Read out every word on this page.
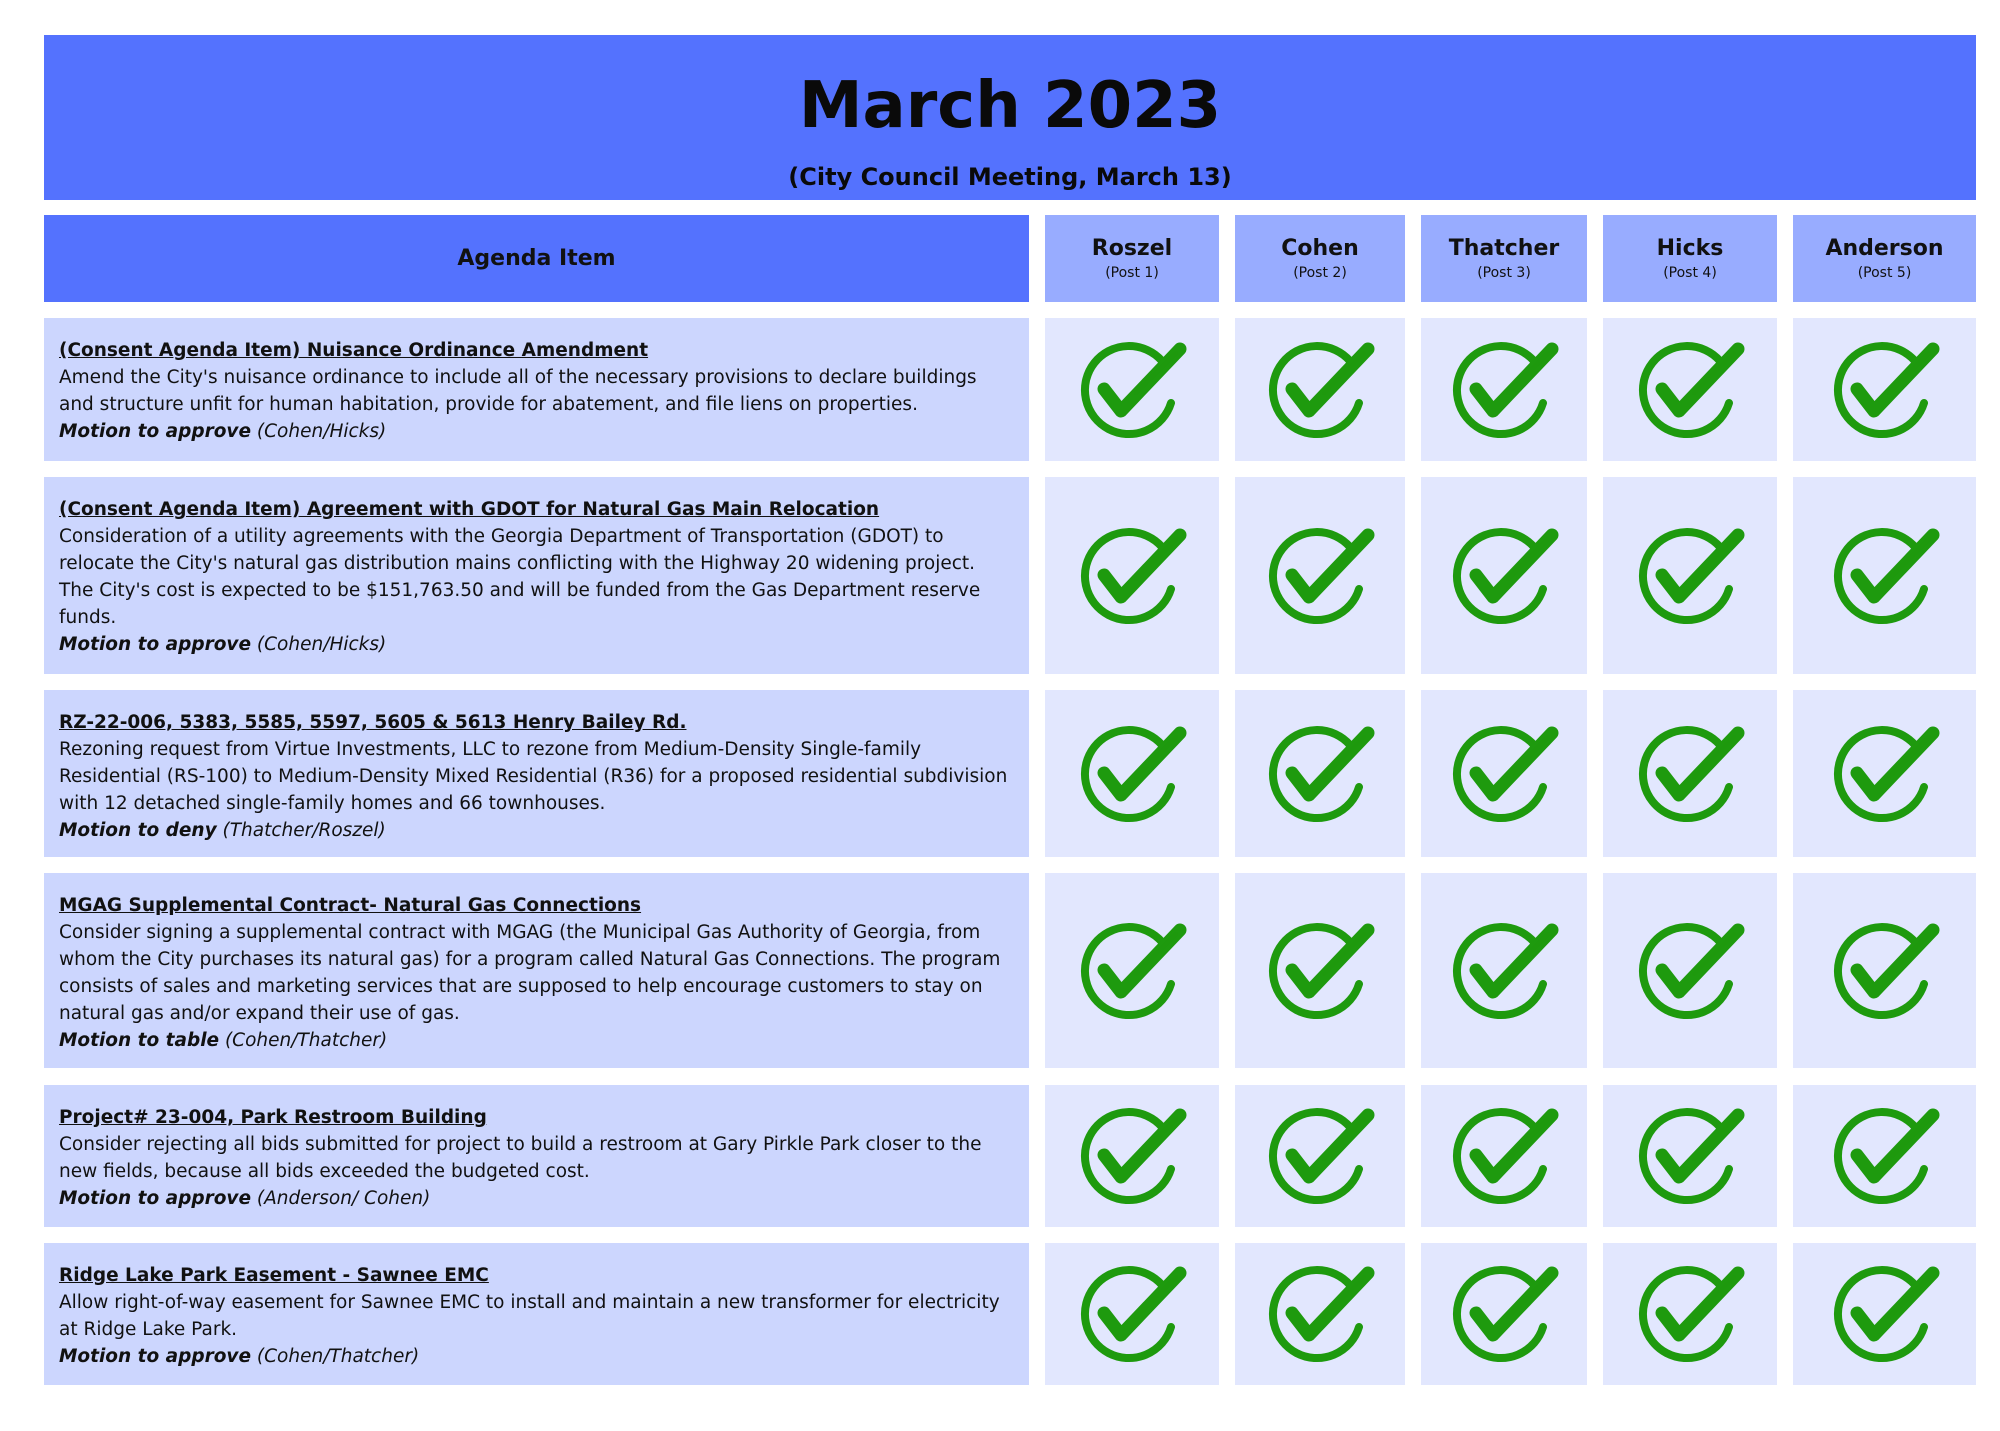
March 2023
(City Council Meeting, March 13)
Agenda Item	Roszel
(Post 1)
Cohen
(Post 2)
Thatcher
(Post 3)
Hicks
(Post 4)
Anderson
(Post 5)
(Consent Agenda Item) Nuisance Ordinance Amendment
Amend the City's nuisance ordinance to include all of the necessary provisions to declare buildings and structure unfit for human habitation, provide for abatement, and file liens on properties.
Motion to approve (Cohen/Hicks)
(Consent Agenda Item) Agreement with GDOT for Natural Gas Main Relocation
Consideration of a utility agreements with the Georgia Department of Transportation (GDOT) to relocate the City's natural gas distribution mains conflicting with the Highway 20 widening project. The City's cost is expected to be $151,763.50 and will be funded from the Gas Department reserve funds.
Motion to approve (Cohen/Hicks)
RZ-22-006, 5383, 5585, 5597, 5605 & 5613 Henry Bailey Rd.
Rezoning request from Virtue Investments, LLC to rezone from Medium-Density Single-family Residential (RS-100) to Medium-Density Mixed Residential (R36) for a proposed residential subdivision with 12 detached single-family homes and 66 townhouses.
Motion to deny (Thatcher/Roszel)
MGAG Supplemental Contract- Natural Gas Connections
Consider signing a supplemental contract with MGAG (the Municipal Gas Authority of Georgia, from whom the City purchases its natural gas) for a program called Natural Gas Connections. The program consists of sales and marketing services that are supposed to help encourage customers to stay on natural gas and/or expand their use of gas.
Motion to table (Cohen/Thatcher)
Project# 23-004, Park Restroom Building
Consider rejecting all bids submitted for project to build a restroom at Gary Pirkle Park closer to the new fields, because all bids exceeded the budgeted cost.
Motion to approve (Anderson/ Cohen)
Ridge Lake Park Easement - Sawnee EMC
Allow right-of-way easement for Sawnee EMC to install and maintain a new transformer for electricity at Ridge Lake Park.
Motion to approve (Cohen/Thatcher)
